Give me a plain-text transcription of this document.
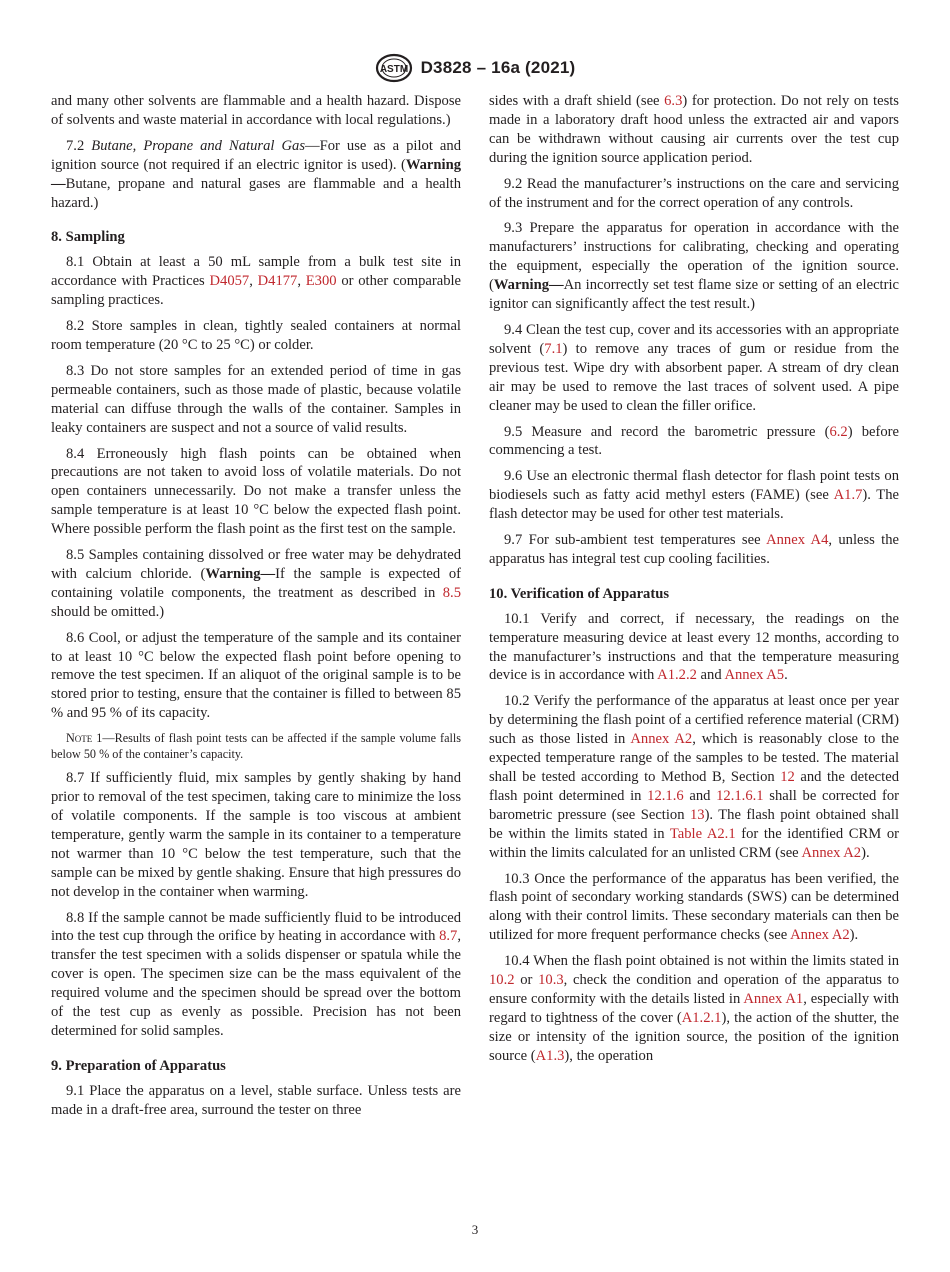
ASTM D3828 – 16a (2021)

and many other solvents are flammable and a health hazard. Dispose of solvents and waste material in accordance with local regulations.)

7.2 Butane, Propane and Natural Gas—For use as a pilot and ignition source (not required if an electric ignitor is used). (Warning—Butane, propane and natural gases are flammable and a health hazard.)

8. Sampling

8.1 Obtain at least a 50 mL sample from a bulk test site in accordance with Practices D4057, D4177, E300 or other comparable sampling practices.

8.2 Store samples in clean, tightly sealed containers at normal room temperature (20 °C to 25 °C) or colder.

8.3 Do not store samples for an extended period of time in gas permeable containers, such as those made of plastic, because volatile material can diffuse through the walls of the container. Samples in leaky containers are suspect and not a source of valid results.

8.4 Erroneously high flash points can be obtained when precautions are not taken to avoid loss of volatile materials. Do not open containers unnecessarily. Do not make a transfer unless the sample temperature is at least 10 °C below the expected flash point. Where possible perform the flash point as the first test on the sample.

8.5 Samples containing dissolved or free water may be dehydrated with calcium chloride. (Warning—If the sample is expected of containing volatile components, the treatment as described in 8.5 should be omitted.)

8.6 Cool, or adjust the temperature of the sample and its container to at least 10 °C below the expected flash point before opening to remove the test specimen. If an aliquot of the original sample is to be stored prior to testing, ensure that the container is filled to between 85 % and 95 % of its capacity.

Note 1—Results of flash point tests can be affected if the sample volume falls below 50 % of the container’s capacity.

8.7 If sufficiently fluid, mix samples by gently shaking by hand prior to removal of the test specimen, taking care to minimize the loss of volatile components. If the sample is too viscous at ambient temperature, gently warm the sample in its container to a temperature not warmer than 10 °C below the test temperature, such that the sample can be mixed by gentle shaking. Ensure that high pressures do not develop in the container when warming.

8.8 If the sample cannot be made sufficiently fluid to be introduced into the test cup through the orifice by heating in accordance with 8.7, transfer the test specimen with a solids dispenser or spatula while the cover is open. The specimen size can be the mass equivalent of the required volume and the specimen should be spread over the bottom of the test cup as evenly as possible. Precision has not been determined for solid samples.

9. Preparation of Apparatus

9.1 Place the apparatus on a level, stable surface. Unless tests are made in a draft-free area, surround the tester on three

sides with a draft shield (see 6.3) for protection. Do not rely on tests made in a laboratory draft hood unless the extracted air and vapors can be withdrawn without causing air currents over the test cup during the ignition source application period.

9.2 Read the manufacturer’s instructions on the care and servicing of the instrument and for the correct operation of any controls.

9.3 Prepare the apparatus for operation in accordance with the manufacturers’ instructions for calibrating, checking and operating the equipment, especially the operation of the ignition source. (Warning—An incorrectly set test flame size or setting of an electric ignitor can significantly affect the test result.)

9.4 Clean the test cup, cover and its accessories with an appropriate solvent (7.1) to remove any traces of gum or residue from the previous test. Wipe dry with absorbent paper. A stream of dry clean air may be used to remove the last traces of solvent used. A pipe cleaner may be used to clean the filler orifice.

9.5 Measure and record the barometric pressure (6.2) before commencing a test.

9.6 Use an electronic thermal flash detector for flash point tests on biodiesels such as fatty acid methyl esters (FAME) (see A1.7). The flash detector may be used for other test materials.

9.7 For sub-ambient test temperatures see Annex A4, unless the apparatus has integral test cup cooling facilities.

10. Verification of Apparatus

10.1 Verify and correct, if necessary, the readings on the temperature measuring device at least every 12 months, according to the manufacturer’s instructions and that the temperature measuring device is in accordance with A1.2.2 and Annex A5.

10.2 Verify the performance of the apparatus at least once per year by determining the flash point of a certified reference material (CRM) such as those listed in Annex A2, which is reasonably close to the expected temperature range of the samples to be tested. The material shall be tested according to Method B, Section 12 and the detected flash point determined in 12.1.6 and 12.1.6.1 shall be corrected for barometric pressure (see Section 13). The flash point obtained shall be within the limits stated in Table A2.1 for the identified CRM or within the limits calculated for an unlisted CRM (see Annex A2).

10.3 Once the performance of the apparatus has been verified, the flash point of secondary working standards (SWS) can be determined along with their control limits. These secondary materials can then be utilized for more frequent performance checks (see Annex A2).

10.4 When the flash point obtained is not within the limits stated in 10.2 or 10.3, check the condition and operation of the apparatus to ensure conformity with the details listed in Annex A1, especially with regard to tightness of the cover (A1.2.1), the action of the shutter, the size or intensity of the ignition source, the position of the ignition source (A1.3), the operation

3
